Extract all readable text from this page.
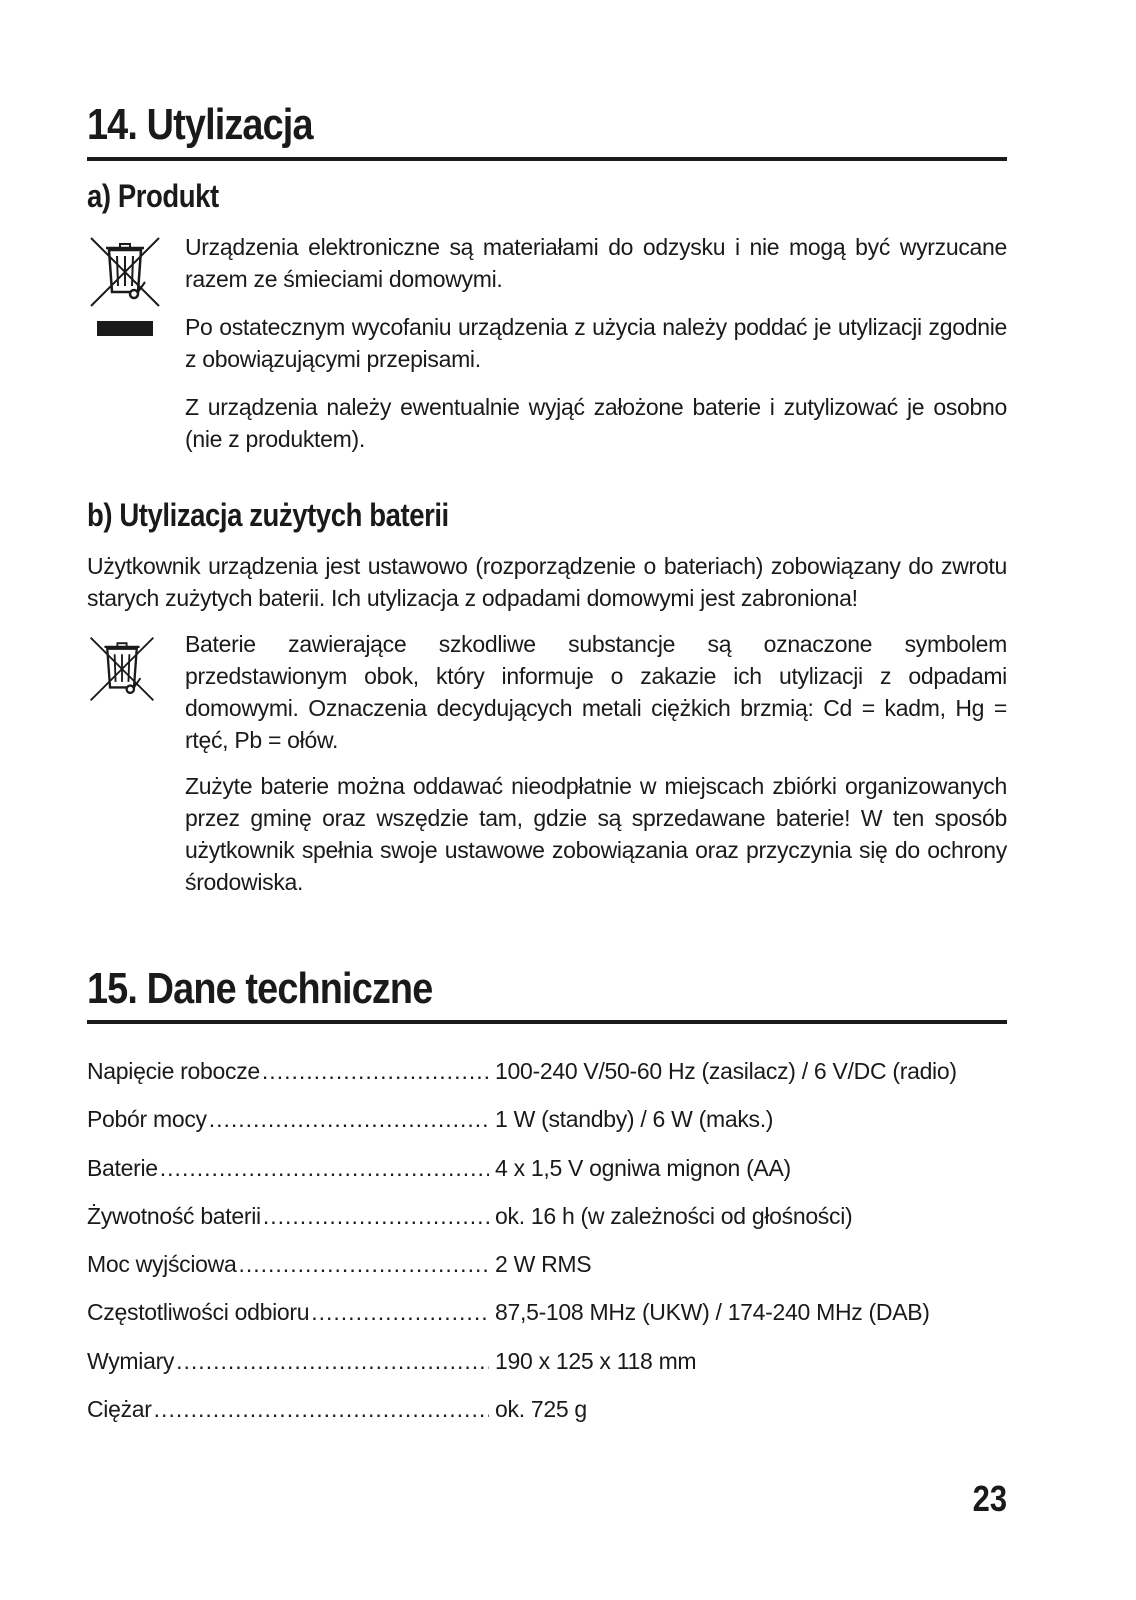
14. Utylizacja
a) Produkt

Urządzenia elektroniczne są materiałami do odzysku i nie mogą być wyrzucane razem ze śmieciami domowymi.

Po ostatecznym wycofaniu urządzenia z użycia należy poddać je utylizacji zgodnie z obowiązującymi przepisami.

Z urządzenia należy ewentualnie wyjąć założone baterie i zutylizować je osobno (nie z produktem).

b) Utylizacja zużytych baterii

Użytkownik urządzenia jest ustawowo (rozporządzenie o bateriach) zobowiązany do zwrotu starych zużytych baterii. Ich utylizacja z odpadami domowymi jest zabroniona!

Baterie zawierające szkodliwe substancje są oznaczone symbolem przedstawionym obok, który informuje o zakazie ich utylizacji z odpadami domowymi. Oznaczenia decydujących metali ciężkich brzmią: Cd = kadm, Hg = rtęć, Pb = ołów.

Zużyte baterie można oddawać nieodpłatnie w miejscach zbiórki organizowanych przez gminę oraz wszędzie tam, gdzie są sprzedawane baterie! W ten sposób użytkownik spełnia swoje ustawowe zobowiązania oraz przyczynia się do ochrony środowiska.

15. Dane techniczne
Napięcie robocze .....	100-240 V/50-60 Hz (zasilacz) / 6 V/DC (radio)
Pobór mocy .....	1 W (standby) / 6 W (maks.)
Baterie .....	4 x 1,5 V ogniwa mignon (AA)
Żywotność baterii .....	ok. 16 h (w zależności od głośności)
Moc wyjściowa .....	2 W RMS
Częstotliwości odbioru .....	87,5-108 MHz (UKW) / 174-240 MHz (DAB)
Wymiary .....	190 x 125 x 118 mm
Ciężar .....	ok. 725 g
23
